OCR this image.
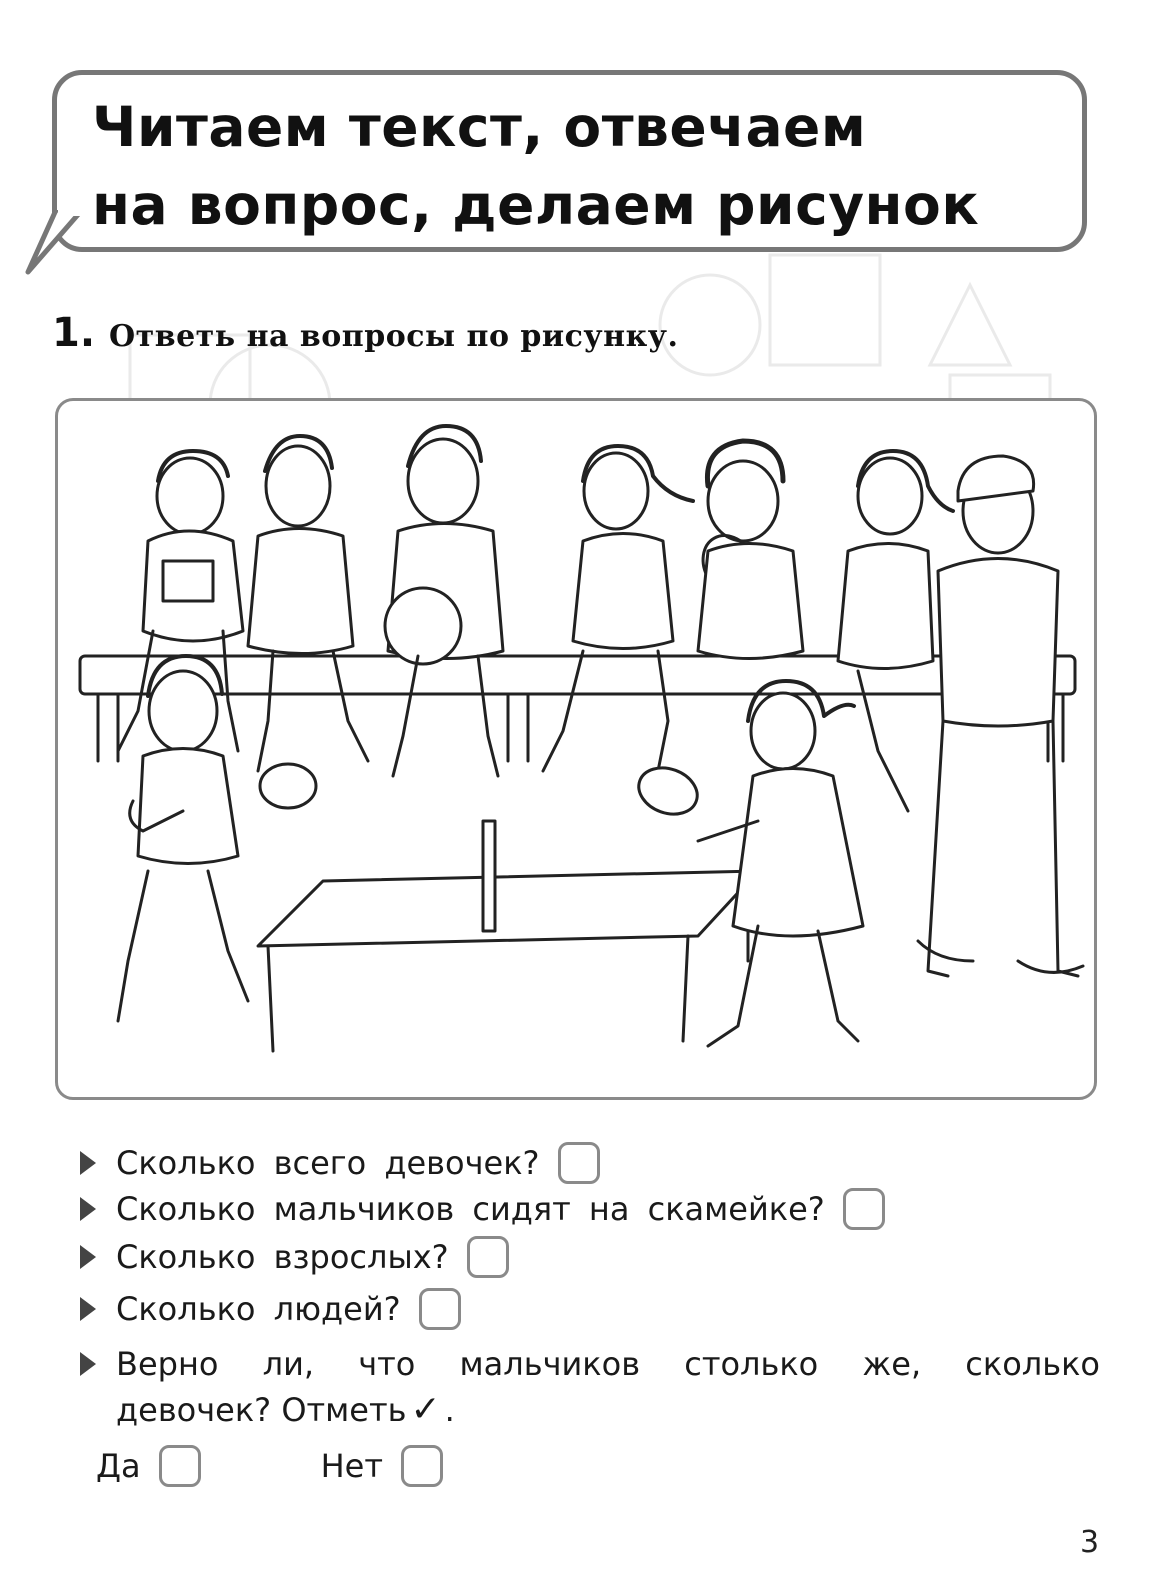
Читаем текст, отвечаем
на вопрос, делаем рисунок
1. Ответь на вопросы по рисунку.
Сколько всего девочек?
Сколько мальчиков сидят на скамейке?
Сколько взрослых?
Сколько людей?
Верно ли, что мальчиков столько же, сколько
девочек? Отметь ✓ .
Да	Нет
3
